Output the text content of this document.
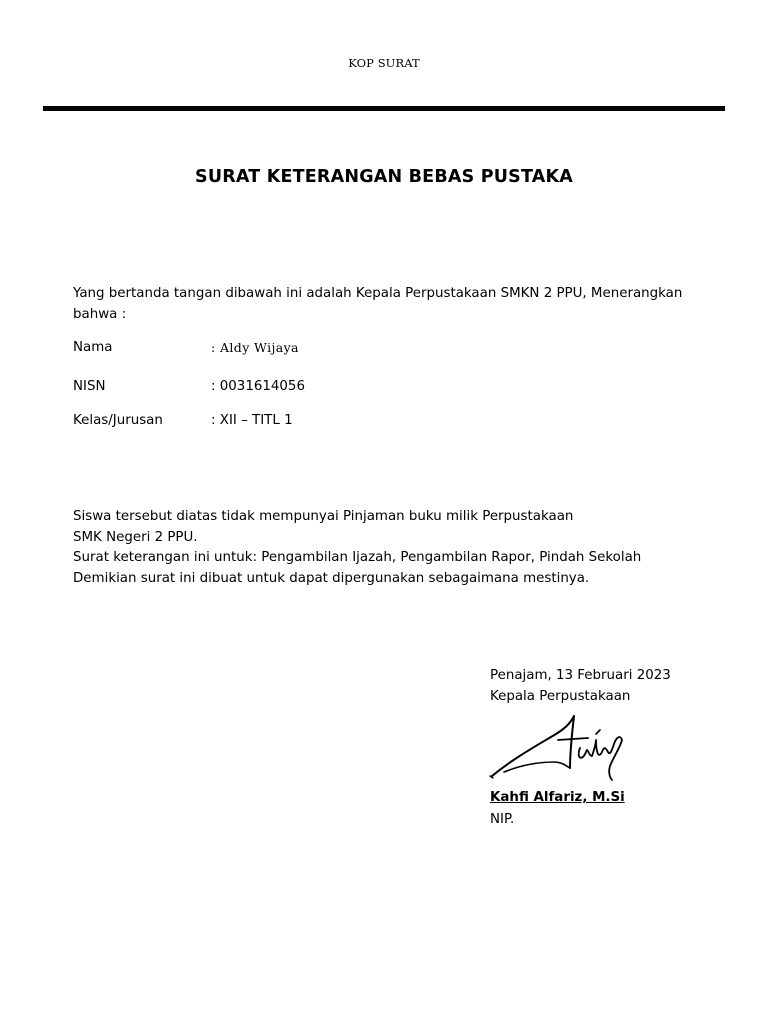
KOP SURAT
SURAT KETERANGAN BEBAS PUSTAKA
Yang bertanda tangan dibawah ini adalah Kepala Perpustakaan SMKN 2 PPU, Menerangkan bahwa :
Nama	: Aldy Wijaya
NISN	: 0031614056
Kelas/Jurusan	: XII – TITL 1
Siswa tersebut diatas tidak mempunyai Pinjaman buku milik Perpustakaan
SMK Negeri 2 PPU.
Surat keterangan ini untuk: Pengambilan Ijazah, Pengambilan Rapor, Pindah Sekolah
Demikian surat ini dibuat untuk dapat dipergunakan sebagaimana mestinya.
Penajam, 13 Februari 2023
Kepala Perpustakaan
Kahfi Alfariz, M.Si
NIP.
